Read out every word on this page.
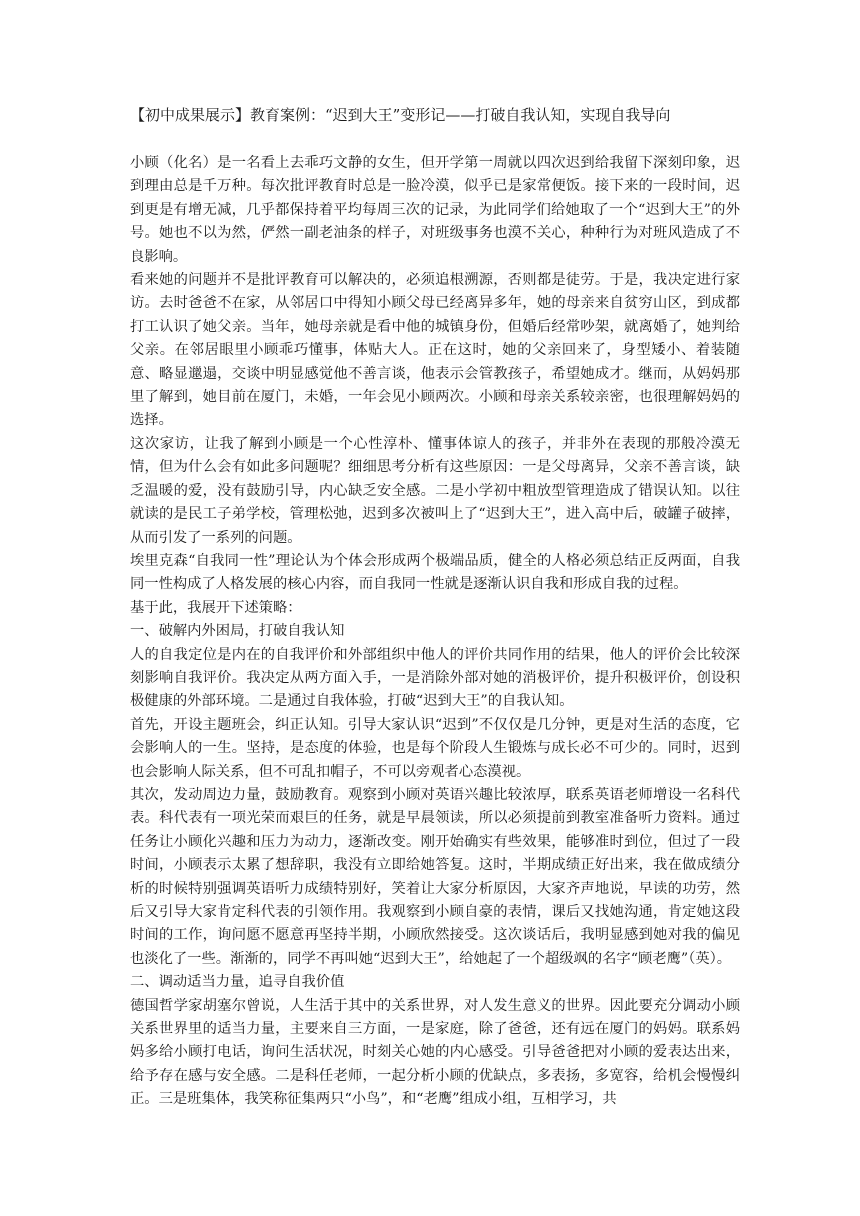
【初中成果展示】教育案例：“迟到大王”变形记——打破自我认知，实现自我导向

小顾（化名）是一名看上去乖巧文静的女生，但开学第一周就以四次迟到给我留下深刻印象，迟到理由总是千万种。每次批评教育时总是一脸冷漠，似乎已是家常便饭。接下来的一段时间，迟到更是有增无减，几乎都保持着平均每周三次的记录，为此同学们给她取了一个“迟到大王”的外号。她也不以为然，俨然一副老油条的样子，对班级事务也漠不关心，种种行为对班风造成了不良影响。

看来她的问题并不是批评教育可以解决的，必须追根溯源，否则都是徒劳。于是，我决定进行家访。去时爸爸不在家，从邻居口中得知小顾父母已经离异多年，她的母亲来自贫穷山区，到成都打工认识了她父亲。当年，她母亲就是看中他的城镇身份，但婚后经常吵架，就离婚了，她判给父亲。在邻居眼里小顾乖巧懂事，体贴大人。正在这时，她的父亲回来了，身型矮小、着装随意、略显邋遢，交谈中明显感觉他不善言谈，他表示会管教孩子，希望她成才。继而，从妈妈那里了解到，她目前在厦门，未婚，一年会见小顾两次。小顾和母亲关系较亲密，也很理解妈妈的选择。

这次家访，让我了解到小顾是一个心性淳朴、懂事体谅人的孩子，并非外在表现的那般冷漠无情，但为什么会有如此多问题呢？细细思考分析有这些原因：一是父母离异，父亲不善言谈，缺乏温暖的爱，没有鼓励引导，内心缺乏安全感。二是小学初中粗放型管理造成了错误认知。以往就读的是民工子弟学校，管理松弛，迟到多次被叫上了“迟到大王”，进入高中后，破罐子破摔，从而引发了一系列的问题。

埃里克森“自我同一性”理论认为个体会形成两个极端品质，健全的人格必须总结正反两面，自我同一性构成了人格发展的核心内容，而自我同一性就是逐渐认识自我和形成自我的过程。

基于此，我展开下述策略：

一、破解内外困局，打破自我认知

人的自我定位是内在的自我评价和外部组织中他人的评价共同作用的结果，他人的评价会比较深刻影响自我评价。我决定从两方面入手，一是消除外部对她的消极评价，提升积极评价，创设积极健康的外部环境。二是通过自我体验，打破“迟到大王”的自我认知。

首先，开设主题班会，纠正认知。引导大家认识“迟到”不仅仅是几分钟，更是对生活的态度，它会影响人的一生。坚持，是态度的体验，也是每个阶段人生锻炼与成长必不可少的。同时，迟到也会影响人际关系，但不可乱扣帽子，不可以旁观者心态漠视。

其次，发动周边力量，鼓励教育。观察到小顾对英语兴趣比较浓厚，联系英语老师增设一名科代表。科代表有一项光荣而艰巨的任务，就是早晨领读，所以必须提前到教室准备听力资料。通过任务让小顾化兴趣和压力为动力，逐渐改变。刚开始确实有些效果，能够准时到位，但过了一段时间，小顾表示太累了想辞职，我没有立即给她答复。这时，半期成绩正好出来，我在做成绩分析的时候特别强调英语听力成绩特别好，笑着让大家分析原因，大家齐声地说，早读的功劳，然后又引导大家肯定科代表的引领作用。我观察到小顾自豪的表情，课后又找她沟通，肯定她这段时间的工作，询问愿不愿意再坚持半期，小顾欣然接受。这次谈话后，我明显感到她对我的偏见也淡化了一些。渐渐的，同学不再叫她“迟到大王”，给她起了一个超级飒的名字“顾老鹰”（英）。

二、调动适当力量，追寻自我价值

德国哲学家胡塞尔曾说，人生活于其中的关系世界，对人发生意义的世界。因此要充分调动小顾关系世界里的适当力量，主要来自三方面，一是家庭，除了爸爸，还有远在厦门的妈妈。联系妈妈多给小顾打电话，询问生活状况，时刻关心她的内心感受。引导爸爸把对小顾的爱表达出来，给予存在感与安全感。二是科任老师，一起分析小顾的优缺点，多表扬，多宽容，给机会慢慢纠正。三是班集体，我笑称征集两只“小鸟”，和“老鹰”组成小组，互相学习，共
